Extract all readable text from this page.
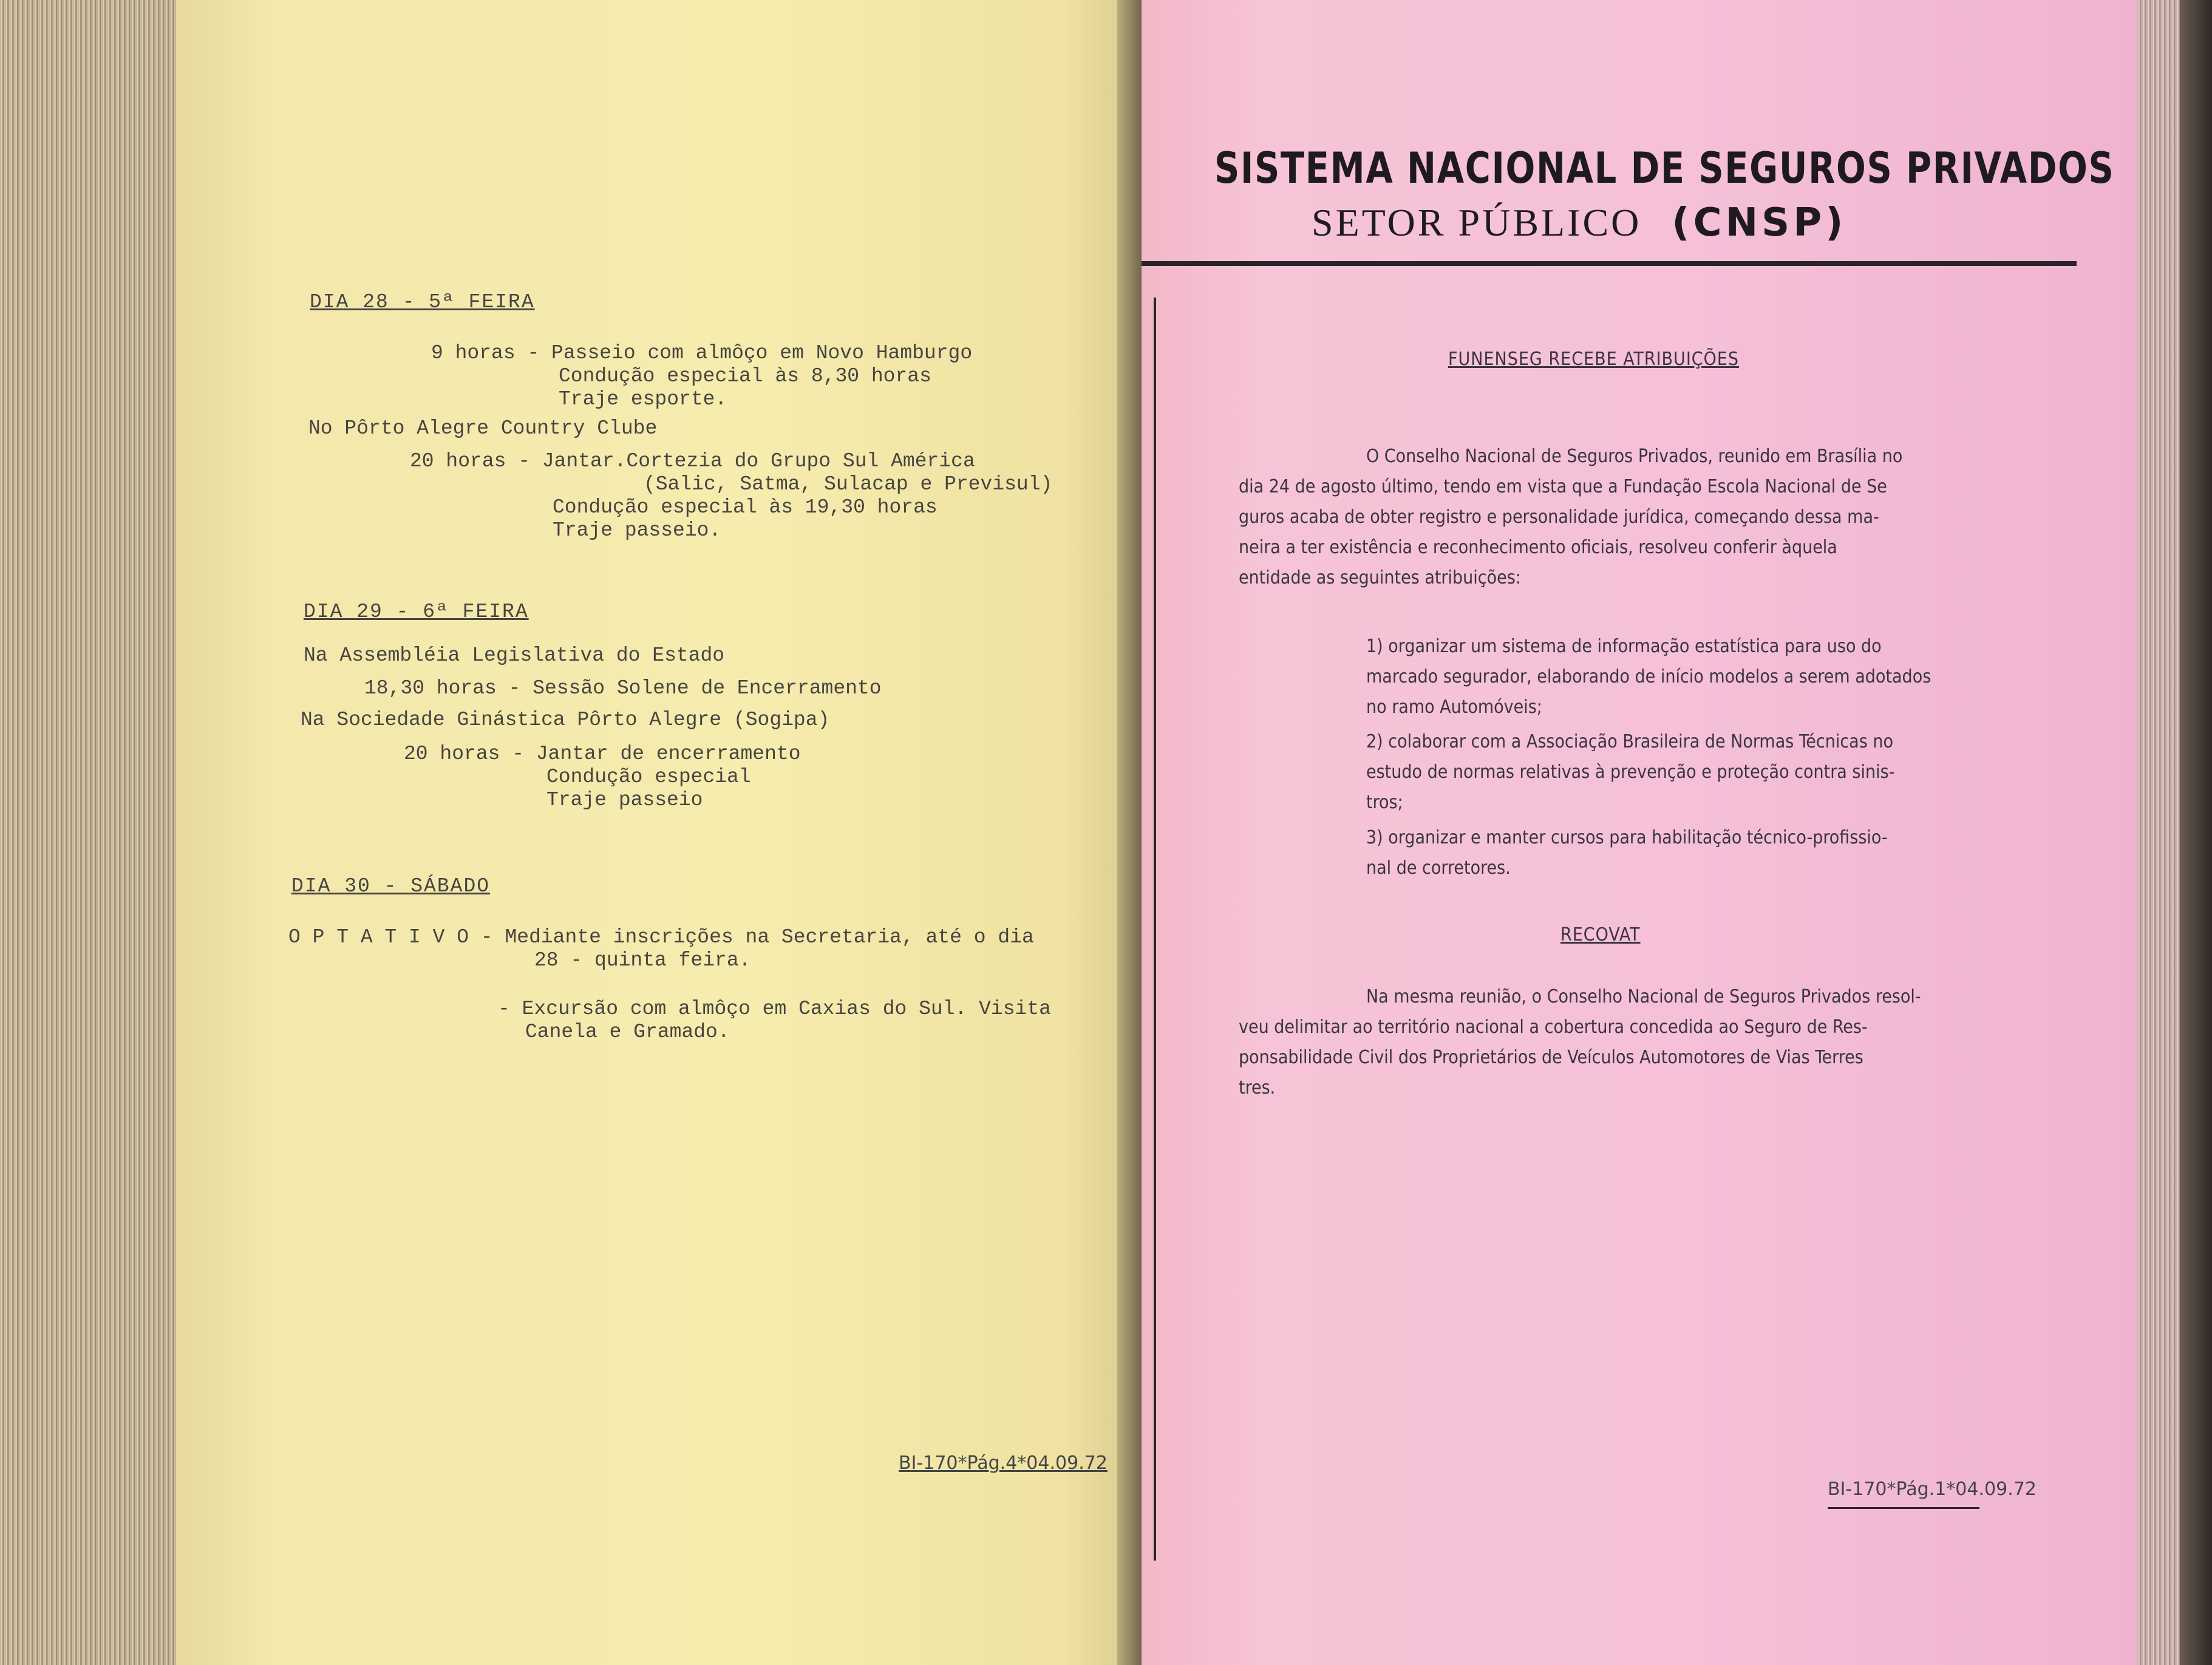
DIA 28 - 5ª FEIRA
9 horas - Passeio com almôço em Novo Hamburgo
Condução especial às 8,30 horas
Traje esporte.
No Pôrto Alegre Country Clube
20 horas - Jantar.Cortezia do Grupo Sul América
(Salic, Satma, Sulacap e Previsul)
Condução especial às 19,30 horas
Traje passeio.
DIA 29 - 6ª FEIRA
Na Assembléia Legislativa do Estado
18,30 horas - Sessão Solene de Encerramento
Na Sociedade Ginástica Pôrto Alegre (Sogipa)
20 horas - Jantar de encerramento
Condução especial
Traje passeio
DIA 30 - SÁBADO
O P T A T I V O - Mediante inscrições na Secretaria, até o dia
28 - quinta feira.
- Excursão com almôço em Caxias do Sul. Visita
Canela e Gramado.
BI-170*Pág.4*04.09.72
SISTEMA NACIONAL DE SEGUROS PRIVADOS
SETOR PÚBLICO (CNSP)
FUNENSEG RECEBE ATRIBUIÇÕES
O Conselho Nacional de Seguros Privados, reunido em Brasília no
dia 24 de agosto último, tendo em vista que a Fundação Escola Nacional de Se
guros acaba de obter registro e personalidade jurídica, começando dessa ma-
neira a ter existência e reconhecimento oficiais, resolveu conferir àquela
entidade as seguintes atribuições:
1) organizar um sistema de informação estatística para uso do
marcado segurador, elaborando de início modelos a serem adotados
no ramo Automóveis;
2) colaborar com a Associação Brasileira de Normas Técnicas no
estudo de normas relativas à prevenção e proteção contra sinis-
tros;
3) organizar e manter cursos para habilitação técnico-profissio-
nal de corretores.
RECOVAT
Na mesma reunião, o Conselho Nacional de Seguros Privados resol-
veu delimitar ao território nacional a cobertura concedida ao Seguro de Res-
ponsabilidade Civil dos Proprietários de Veículos Automotores de Vias Terres
tres.
BI-170*Pág.1*04.09.72
